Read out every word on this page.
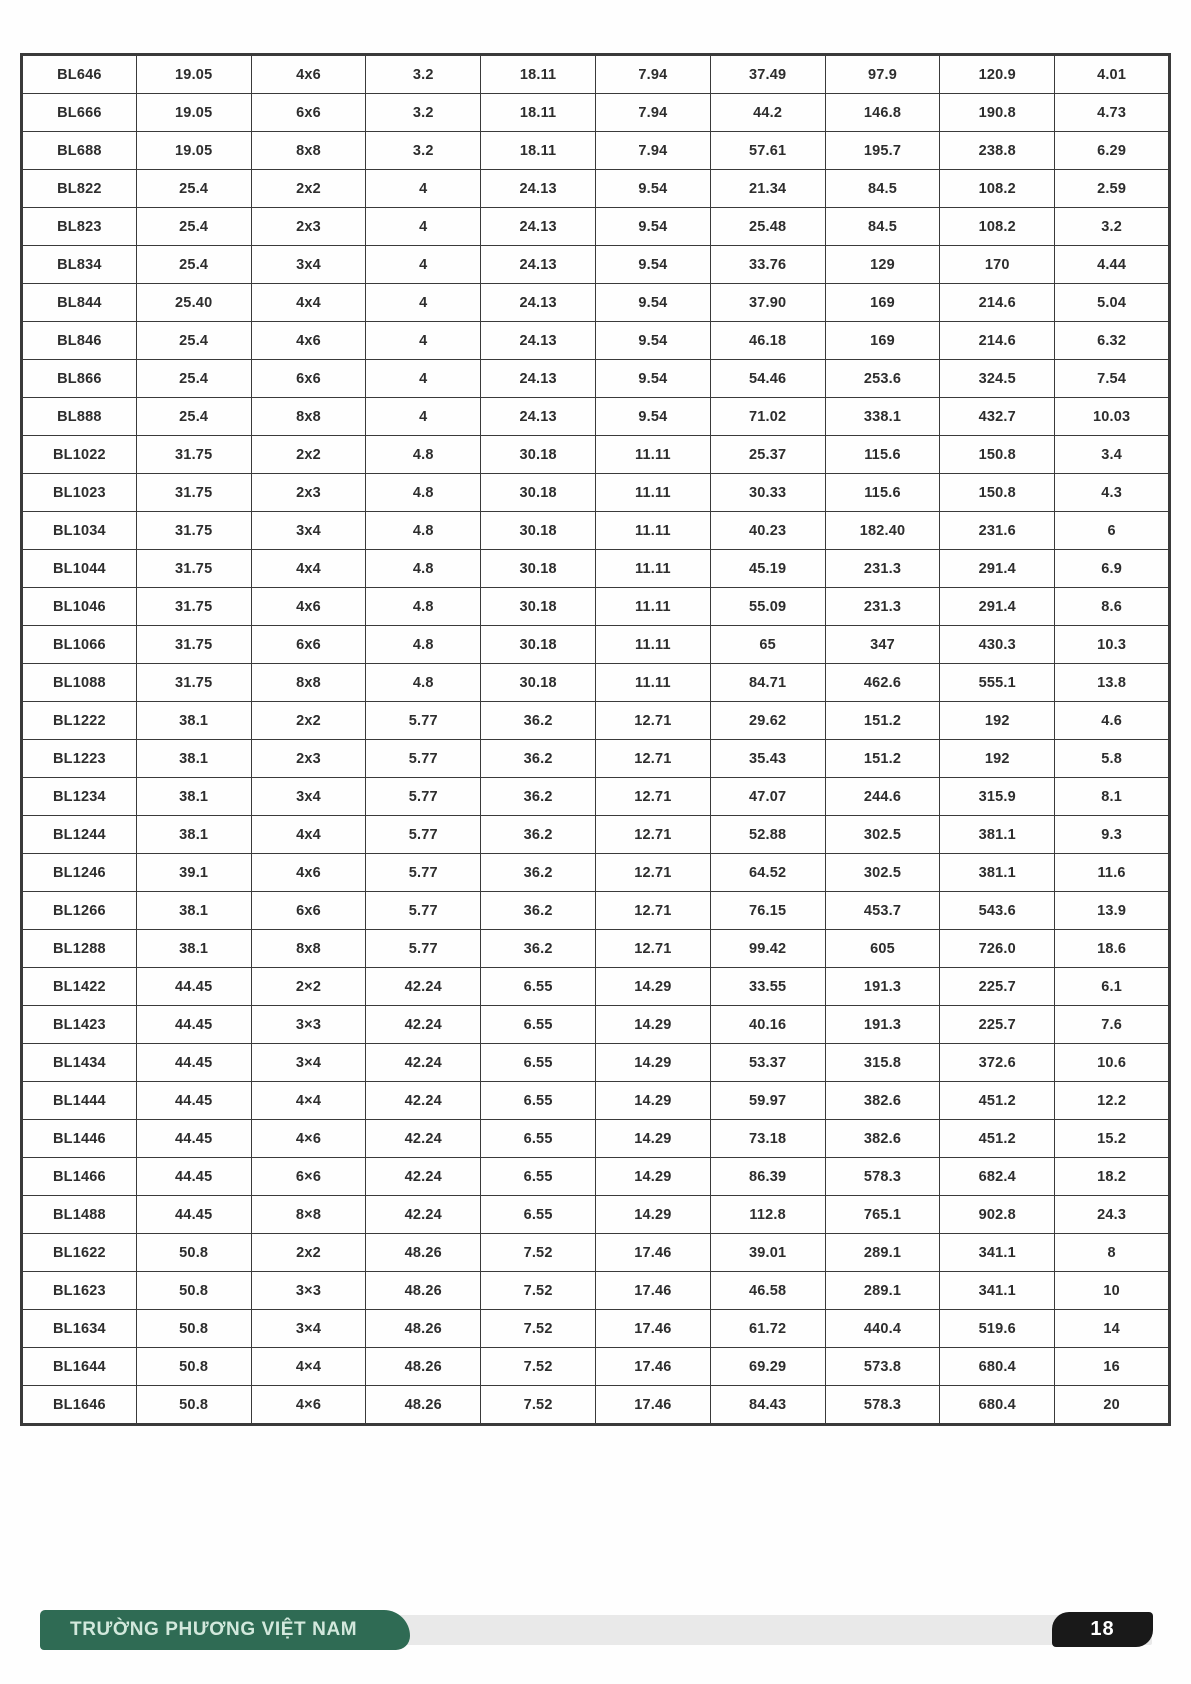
BL646	19.05	4x6	3.2	18.11	7.94	37.49	97.9	120.9	4.01
BL666	19.05	6x6	3.2	18.11	7.94	44.2	146.8	190.8	4.73
BL688	19.05	8x8	3.2	18.11	7.94	57.61	195.7	238.8	6.29
BL822	25.4	2x2	4	24.13	9.54	21.34	84.5	108.2	2.59
BL823	25.4	2x3	4	24.13	9.54	25.48	84.5	108.2	3.2
BL834	25.4	3x4	4	24.13	9.54	33.76	129	170	4.44
BL844	25.40	4x4	4	24.13	9.54	37.90	169	214.6	5.04
BL846	25.4	4x6	4	24.13	9.54	46.18	169	214.6	6.32
BL866	25.4	6x6	4	24.13	9.54	54.46	253.6	324.5	7.54
BL888	25.4	8x8	4	24.13	9.54	71.02	338.1	432.7	10.03
BL1022	31.75	2x2	4.8	30.18	11.11	25.37	115.6	150.8	3.4
BL1023	31.75	2x3	4.8	30.18	11.11	30.33	115.6	150.8	4.3
BL1034	31.75	3x4	4.8	30.18	11.11	40.23	182.40	231.6	6
BL1044	31.75	4x4	4.8	30.18	11.11	45.19	231.3	291.4	6.9
BL1046	31.75	4x6	4.8	30.18	11.11	55.09	231.3	291.4	8.6
BL1066	31.75	6x6	4.8	30.18	11.11	65	347	430.3	10.3
BL1088	31.75	8x8	4.8	30.18	11.11	84.71	462.6	555.1	13.8
BL1222	38.1	2x2	5.77	36.2	12.71	29.62	151.2	192	4.6
BL1223	38.1	2x3	5.77	36.2	12.71	35.43	151.2	192	5.8
BL1234	38.1	3x4	5.77	36.2	12.71	47.07	244.6	315.9	8.1
BL1244	38.1	4x4	5.77	36.2	12.71	52.88	302.5	381.1	9.3
BL1246	39.1	4x6	5.77	36.2	12.71	64.52	302.5	381.1	11.6
BL1266	38.1	6x6	5.77	36.2	12.71	76.15	453.7	543.6	13.9
BL1288	38.1	8x8	5.77	36.2	12.71	99.42	605	726.0	18.6
BL1422	44.45	2×2	42.24	6.55	14.29	33.55	191.3	225.7	6.1
BL1423	44.45	3×3	42.24	6.55	14.29	40.16	191.3	225.7	7.6
BL1434	44.45	3×4	42.24	6.55	14.29	53.37	315.8	372.6	10.6
BL1444	44.45	4×4	42.24	6.55	14.29	59.97	382.6	451.2	12.2
BL1446	44.45	4×6	42.24	6.55	14.29	73.18	382.6	451.2	15.2
BL1466	44.45	6×6	42.24	6.55	14.29	86.39	578.3	682.4	18.2
BL1488	44.45	8×8	42.24	6.55	14.29	112.8	765.1	902.8	24.3
BL1622	50.8	2x2	48.26	7.52	17.46	39.01	289.1	341.1	8
BL1623	50.8	3×3	48.26	7.52	17.46	46.58	289.1	341.1	10
BL1634	50.8	3×4	48.26	7.52	17.46	61.72	440.4	519.6	14
BL1644	50.8	4×4	48.26	7.52	17.46	69.29	573.8	680.4	16
BL1646	50.8	4×6	48.26	7.52	17.46	84.43	578.3	680.4	20
TRƯỜNG PHƯƠNG VIỆT NAM	18
